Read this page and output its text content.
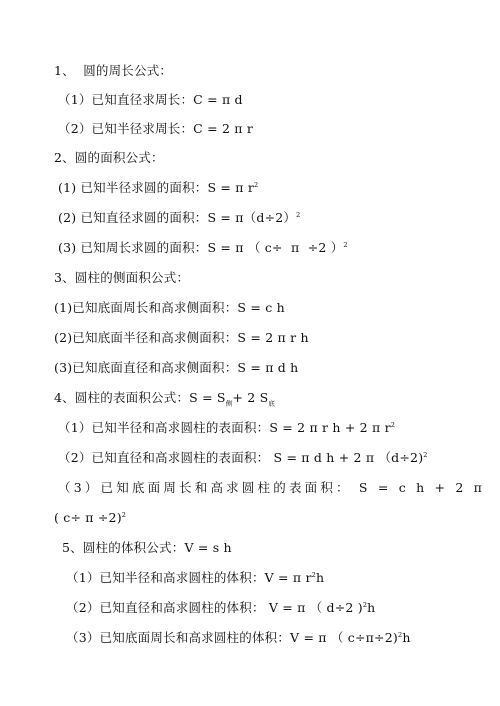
1、  圆的周长公式：
（1）已知直径求周长：C = π d
（2）已知半径求周长：C = 2 π r
2、圆的面积公式：
(1) 已知半径求圆的面积：S = π $r^2$
(2) 已知直径求圆的面积：$S = \pi(d\div 2)^2$
(3) 已知周长求圆的面积：S = π （ c÷  π  ÷2 ）$^2$
3、圆柱的侧面积公式：
(1)已知底面周长和高求侧面积：S = c h
(2)已知底面半径和高求侧面积：S = 2 π r h
(3)已知底面直径和高求侧面积：S = π d h
4、圆柱的表面积公式：$S = S_侧+ 2$ $S_底$
（1）已知半径和高求圆柱的表面积：S = 2 π r h + 2 π $r^2$
（2）已知直径和高求圆柱的表面积： S = π d h + 2 π （d÷2)$^2$
（3）已知底面周长和高求圆柱的表面积： S = c h + 2 π
( c÷ π ÷2)$^2$
5、圆柱的体积公式：V = s h
（1）已知半径和高求圆柱的体积：V = π $r^2h$
（2）已知直径和高求圆柱的体积： V = π （ d÷2 )$^2$h
（3）已知底面周长和高求圆柱的体积：V = π （ c÷π÷2)$^2$h
